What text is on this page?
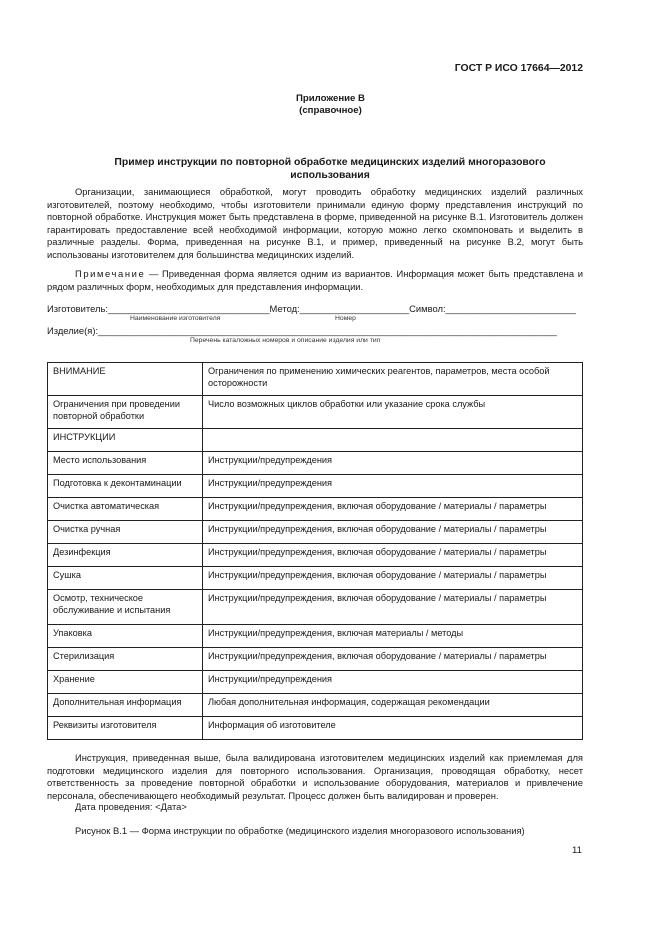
ГОСТ Р ИСО 17664—2012
Приложение В
(справочное)
Пример инструкции по повторной обработке медицинских изделий многоразового использования
Организации, занимающиеся обработкой, могут проводить обработку медицинских изделий различных изготовителей, поэтому необходимо, чтобы изготовители принимали единую форму представления инструкций по повторной обработке. Инструкция может быть представлена в форме, приведенной на рисунке В.1. Изготовитель должен гарантировать предоставление всей необходимой информации, которую можно легко скомпоновать и выделить в различные разделы. Форма, приведенная на рисунке В.1, и пример, приведенный на рисунке В.2, могут быть использованы изготовителем для большинства медицинских изделий.
Примечание — Приведенная форма является одним из вариантов. Информация может быть представлена и рядом различных форм, необходимых для представления информации.
Изготовитель:_______________________________Метод:_____________________Символ:_________________________
Наименование изготовителя	Номер
Изделие(я):________________________________________________________________________________________
Перечень каталожных номеров и описание изделия или тип
ВНИМАНИЕ	Ограничения по применению химических реагентов, параметров, места особой осторожности
Ограничения при проведении повторной обработки	Число возможных циклов обработки или указание срока службы
ИНСТРУКЦИИ	
Место использования	Инструкции/предупреждения
Подготовка к деконтаминации	Инструкции/предупреждения
Очистка автоматическая	Инструкции/предупреждения, включая оборудование / материалы / параметры
Очистка ручная	Инструкции/предупреждения, включая оборудование / материалы / параметры
Дезинфекция	Инструкции/предупреждения, включая оборудование / материалы / параметры
Сушка	Инструкции/предупреждения, включая оборудование / материалы / параметры
Осмотр, техническое обслуживание и испытания	Инструкции/предупреждения, включая оборудование / материалы / параметры
Упаковка	Инструкции/предупреждения, включая материалы / методы
Стерилизация	Инструкции/предупреждения, включая оборудование / материалы / параметры
Хранение	Инструкции/предупреждения
Дополнительная информация	Любая дополнительная информация, содержащая рекомендации
Реквизиты изготовителя	Информация об изготовителе
Инструкция, приведенная выше, была валидирована изготовителем медицинских изделий как приемлемая для подготовки медицинского изделия для повторного использования. Организация, проводящая обработку, несет ответственность за проведение повторной обработки и использование оборудования, материалов и привлечение персонала, обеспечивающего необходимый результат. Процесс должен быть валидирован и проверен.
Дата проведения: <Дата>
Рисунок В.1 — Форма инструкции по обработке (медицинского изделия многоразового использования)
11
